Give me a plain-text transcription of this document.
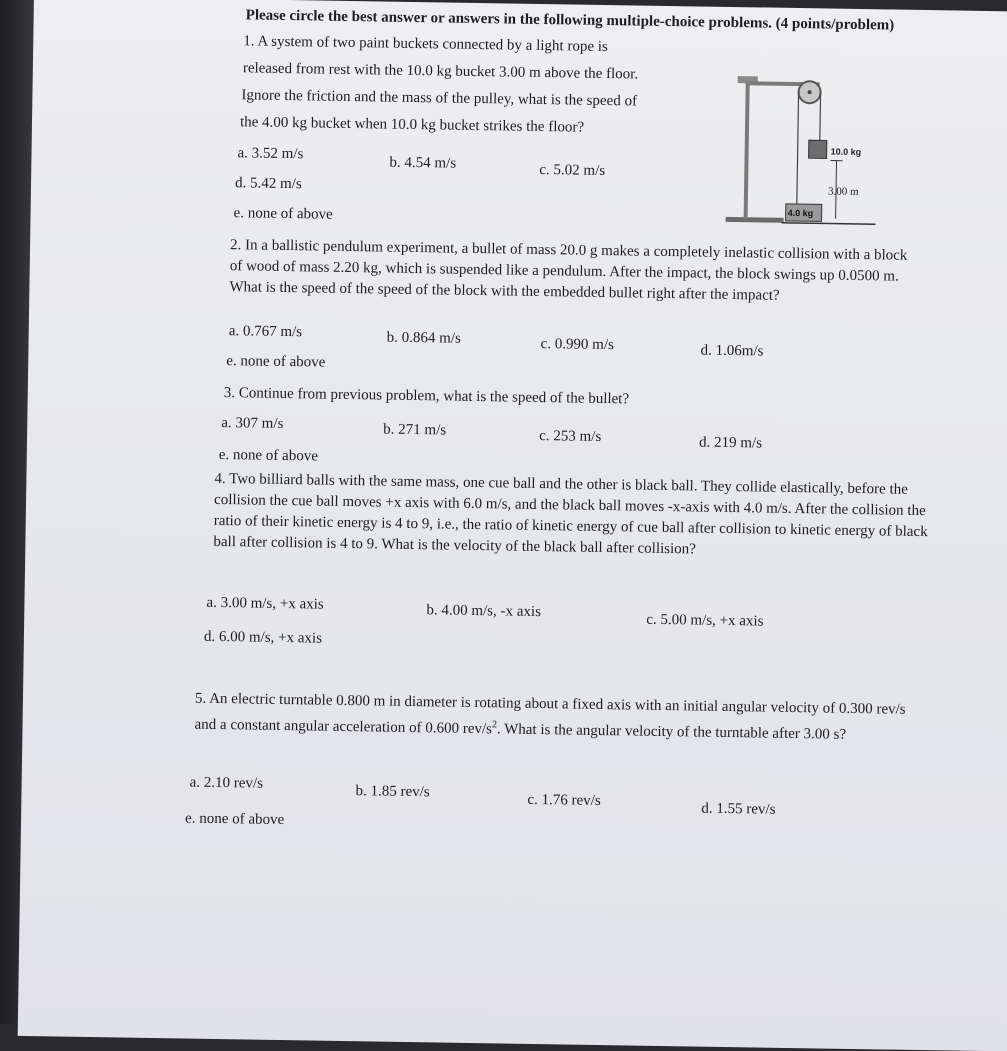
Please circle the best answer or answers in the following multiple-choice problems. (4 points/problem)
1. A system of two paint buckets connected by a light rope is
released from rest with the 10.0 kg bucket 3.00 m above the floor.
Ignore the friction and the mass of the pulley, what is the speed of
the 4.00 kg bucket when 10.0 kg bucket strikes the floor?
a. 3.52 m/s
b. 4.54 m/s	c. 5.02 m/s
d. 5.42 m/s
e. none of above
10.0 kg
3.00 m
4.0 kg
2. In a ballistic pendulum experiment, a bullet of mass 20.0 g makes a completely inelastic collision with a block of wood of mass 2.20 kg, which is suspended like a pendulum. After the impact, the block swings up 0.0500 m. What is the speed of the speed of the block with the embedded bullet right after the impact?
a. 0.767 m/s	b. 0.864 m/s	c. 0.990 m/s	d. 1.06m/s
e. none of above
3. Continue from previous problem, what is the speed of the bullet?
a. 307 m/s	b. 271 m/s	c. 253 m/s	d. 219 m/s
e. none of above
4. Two billiard balls with the same mass, one cue ball and the other is black ball. They collide elastically, before the collision the cue ball moves +x axis with 6.0 m/s, and the black ball moves -x-axis with 4.0 m/s. After the collision the ratio of their kinetic energy is 4 to 9, i.e., the ratio of kinetic energy of cue ball after collision to kinetic energy of black ball after collision is 4 to 9. What is the velocity of the black ball after collision?
a. 3.00 m/s, +x axis	b. 4.00 m/s, -x axis
c. 5.00 m/s, +x axis
d. 6.00 m/s, +x axis
5. An electric turntable 0.800 m in diameter is rotating about a fixed axis with an initial angular velocity of 0.300 rev/s and a constant angular acceleration of 0.600 rev/$s^2$. What is the angular velocity of the turntable after 3.00 s?
a. 2.10 rev/s
b. 1.85 rev/s
c. 1.76 rev/s
d. 1.55 rev/s
e. none of above
